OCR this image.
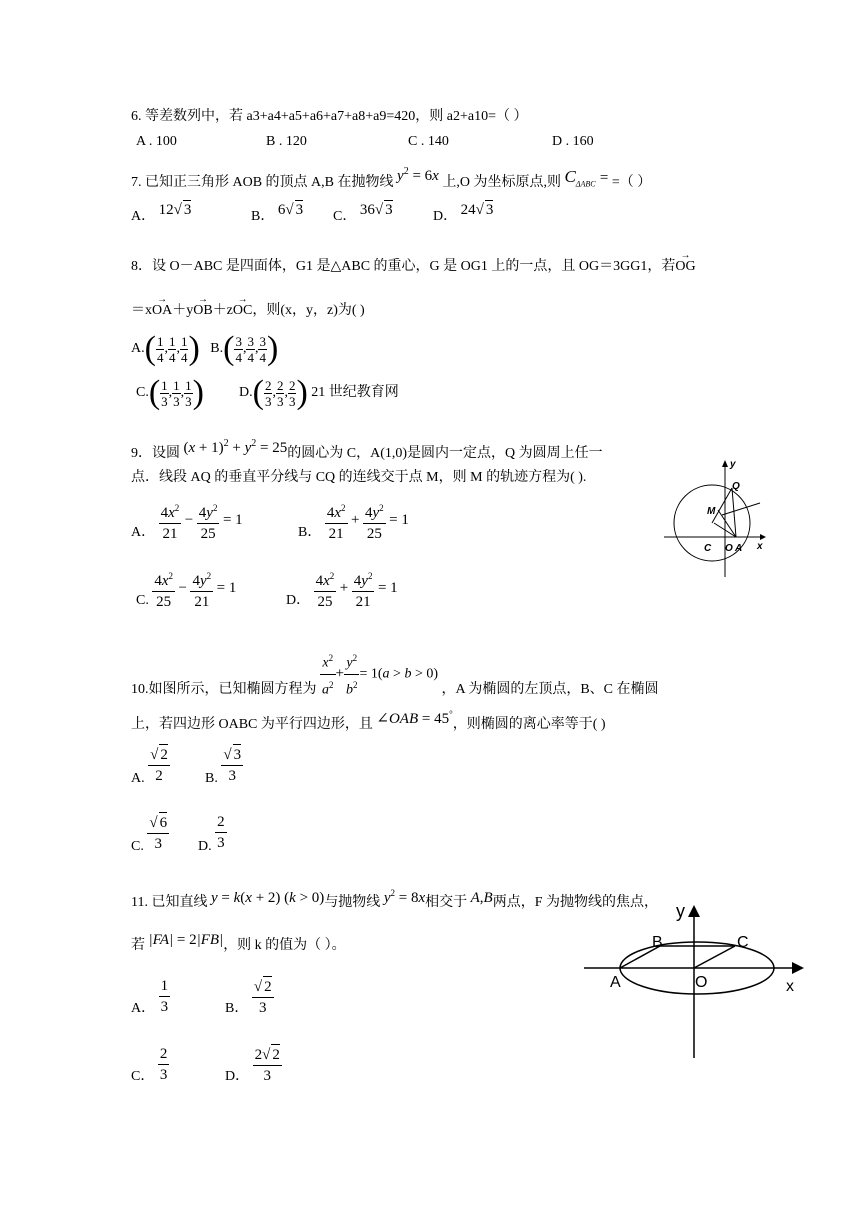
6. 等差数列中，若 a3+a4+a5+a6+a7+a8+a9=420，则 a2+a10=（ ）
A . 100	B . 120	C . 140	D . 160
7. 已知正三角形 AOB 的顶点 A,B 在抛物线 $y^2 = 6x$ 上,O 为坐标原点,则 $C_{\Delta ABC}$ = =（ ）
A． 12√ 3	B． 6√ 3 C． 36√ 3	D． 24√ 3
8．设 O－ABC 是四面体，G1 是△ABC 的重心，G 是 OG1 上的一点，且 OG＝3GG1，若OG →
＝xOA →＋yOB →＋zOC →，则(x，y，z)为( )
$A.( \frac{1}{4}$ , $\frac{1}{4}$ , $\frac{1}{4}$ ) $B.( \frac{3}{4}$ , $\frac{3}{4}$ , $\frac{3}{4}$ )
$C.( \frac{1}{3}$ , $\frac{1}{3}$ , $\frac{1}{3}$ )	$D.( \frac{2}{3}$ , $\frac{2}{3}$ , $\frac{2}{3}$ ) 21 世纪教育网
9．设圆 $(x + 1)^2 + y^2 = 25$的圆心为 C，A(1,0)是圆内一定点，Q 为圆周上任一
点．线段 AQ 的垂直平分线与 CQ 的连线交于点 M，则 M 的轨迹方程为( ).
A． $\frac{4x^2}{21} - \frac{4y^2}{25} = 1$
B． $\frac{4x^2}{21} + \frac{4y^2}{25} = 1$
C. $\frac{4x^2}{25} - \frac{4y^2}{21} = 1$
D． $\frac{4x^2}{25} + \frac{4y^2}{21} = 1$
y
Q
M
C O A x
10.如图所示，已知椭圆方程为 $\frac{x^2}{a^2} + \frac{y^2}{b^2} = 1(a > b > 0)$ ，A 为椭圆的左顶点，B、C 在椭圆
上，若四边形 OABC 为平行四边形，且 ∠OAB = 45°，则椭圆的离心率等于( )
A. $\frac{√ 2}{2}$	B. $\frac{√ 3}{3}$
C. $\frac{√ 6}{3} D$. $\frac{2}{3}$
11. 已知直线 y = k(x + 2) (k > 0)与抛物线 $y^2 = 8x$相交于 A,B两点，F 为抛物线的焦点，
若 |FA| = 2|FB|，则 k 的值为（ ）。
A． $\frac{1}{3}$	B． $\frac{√ 2}{3}$
C． $\frac{2}{3}$	D． $\frac{2√ 2}{3}$
y
B	C
A	O	x
